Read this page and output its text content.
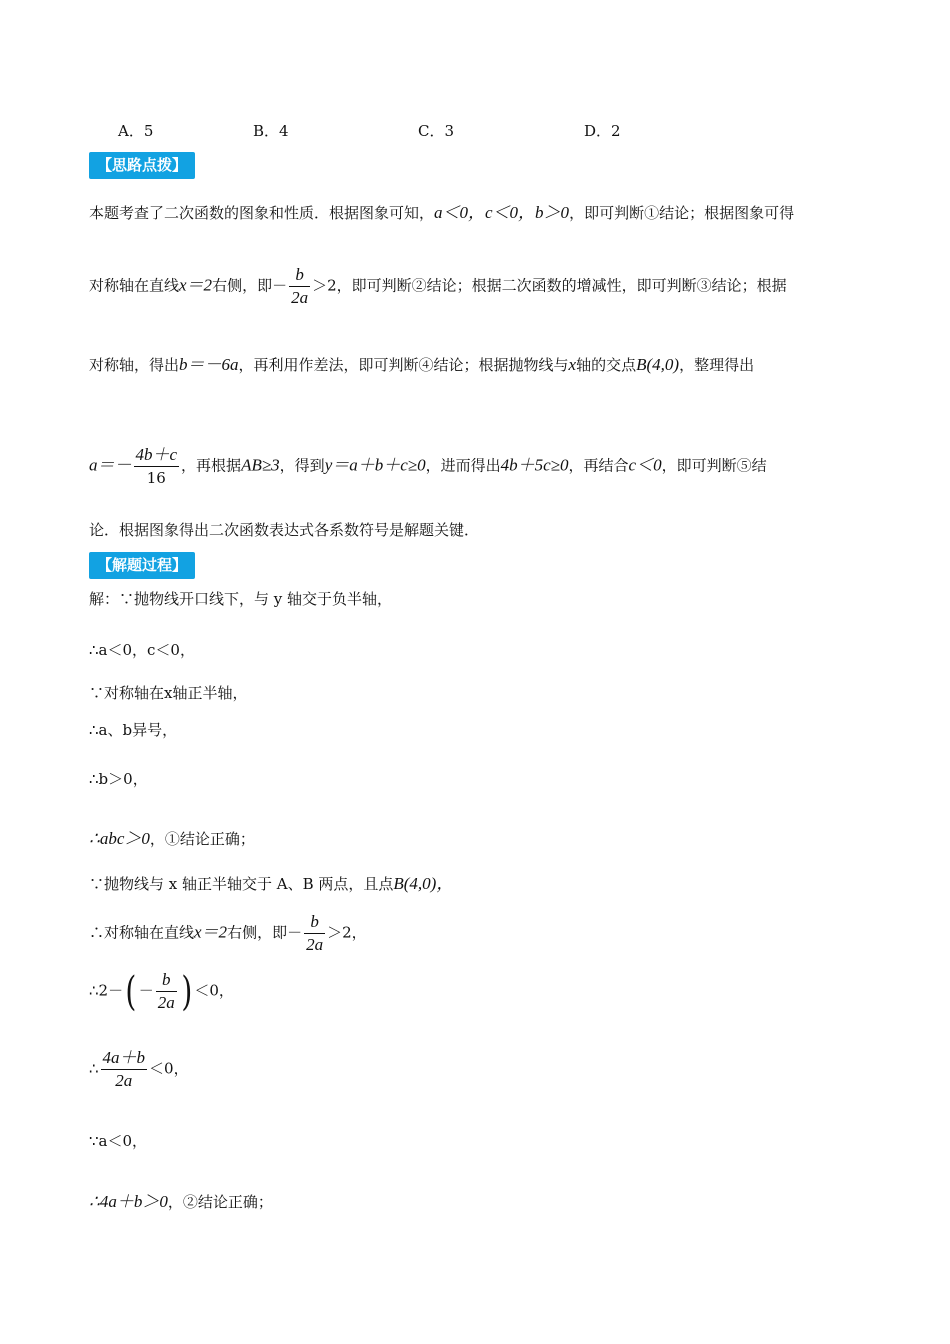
A．5	B．4	C．3	D．2
【思路点拨】
本题考查了二次函数的图象和性质．根据图象可知，a＜0，c＜0，b＞0，即可判断①结论；根据图象可得
对称轴在直线x＝2右侧，即－ $\frac{b}{2a} >2$，即可判断②结论；根据二次函数的增减性，即可判断③结论；根据
对称轴，得出b＝－6a，再利用作差法，即可判断④结论；根据抛物线与x轴的交点B(4,0)，整理得出
$a=- \frac{4b+c}{16}$ ，再根据AB≥3，得到y＝a＋b＋c≥0，进而得出4b＋5c≥0，再结合c＜0，即可判断⑤结
论．根据图象得出二次函数表达式各系数符号是解题关键．
【解题过程】
解：∵抛物线开口线下，与 y 轴交于负半轴，
∴a＜0，c＜0，
∵对称轴在x轴正半轴，
∴a、b异号，
∴b＞0，
∴abc＞0，①结论正确；
∵抛物线与 x 轴正半轴交于 A、B 两点，且点B(4,0)，
∴对称轴在直线x＝2右侧，即－ $\frac{b}{2a} >2$，
∴2－( － $\frac{b}{2a}$ ) ＜0，
∴ $\frac{4a+b}{2a} <0$，
∵a＜0，
∴4a＋b＞0，②结论正确；
